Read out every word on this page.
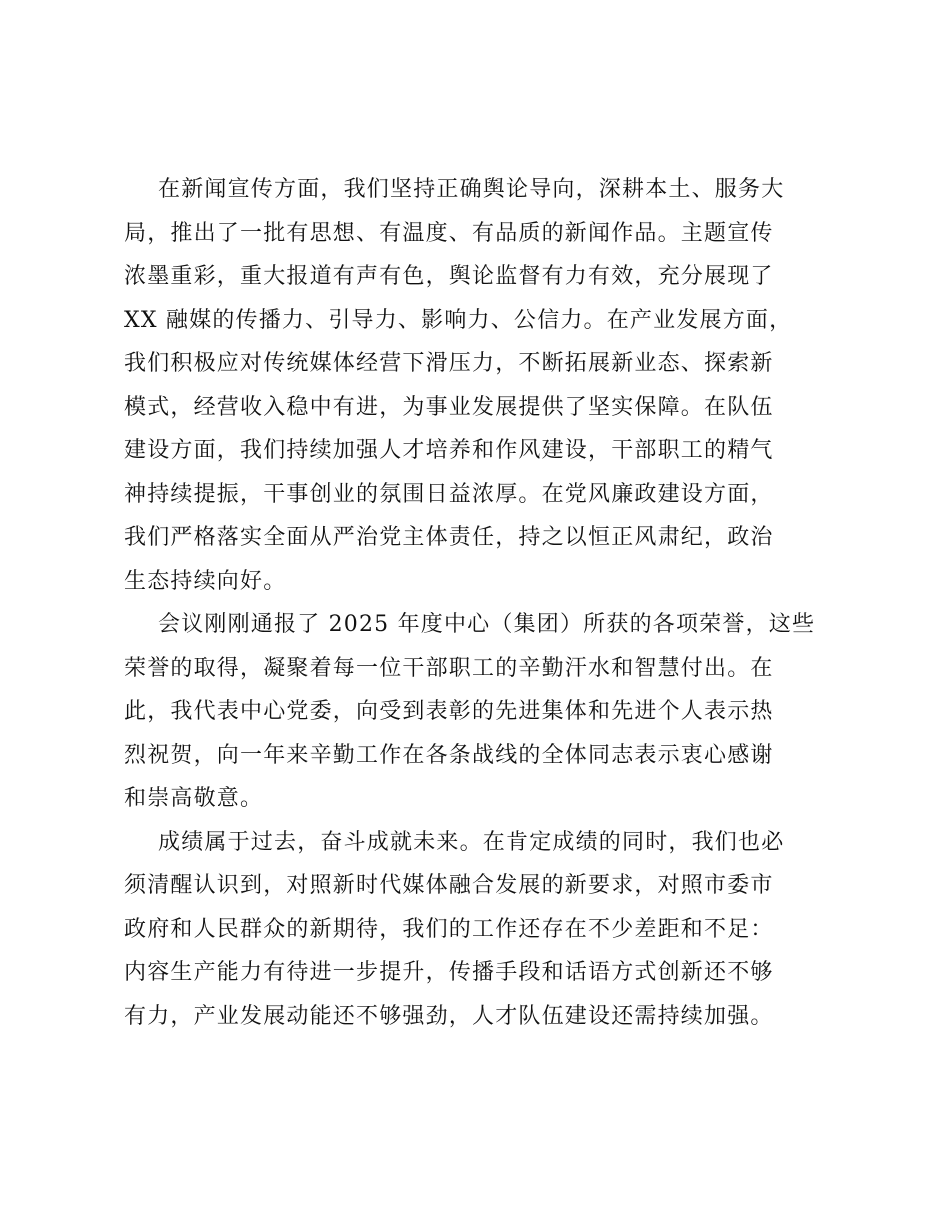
在新闻宣传方面，我们坚持正确舆论导向，深耕本土、服务大
局，推出了一批有思想、有温度、有品质的新闻作品。主题宣传
浓墨重彩，重大报道有声有色，舆论监督有力有效，充分展现了
XX 融媒的传播力、引导力、影响力、公信力。在产业发展方面，
我们积极应对传统媒体经营下滑压力，不断拓展新业态、探索新
模式，经营收入稳中有进，为事业发展提供了坚实保障。在队伍
建设方面，我们持续加强人才培养和作风建设，干部职工的精气
神持续提振，干事创业的氛围日益浓厚。在党风廉政建设方面，
我们严格落实全面从严治党主体责任，持之以恒正风肃纪，政治
生态持续向好。
会议刚刚通报了 2025 年度中心（集团）所获的各项荣誉，这些
荣誉的取得，凝聚着每一位干部职工的辛勤汗水和智慧付出。在
此，我代表中心党委，向受到表彰的先进集体和先进个人表示热
烈祝贺，向一年来辛勤工作在各条战线的全体同志表示衷心感谢
和崇高敬意。
成绩属于过去，奋斗成就未来。在肯定成绩的同时，我们也必
须清醒认识到，对照新时代媒体融合发展的新要求，对照市委市
政府和人民群众的新期待，我们的工作还存在不少差距和不足：
内容生产能力有待进一步提升，传播手段和话语方式创新还不够
有力，产业发展动能还不够强劲，人才队伍建设还需持续加强。
